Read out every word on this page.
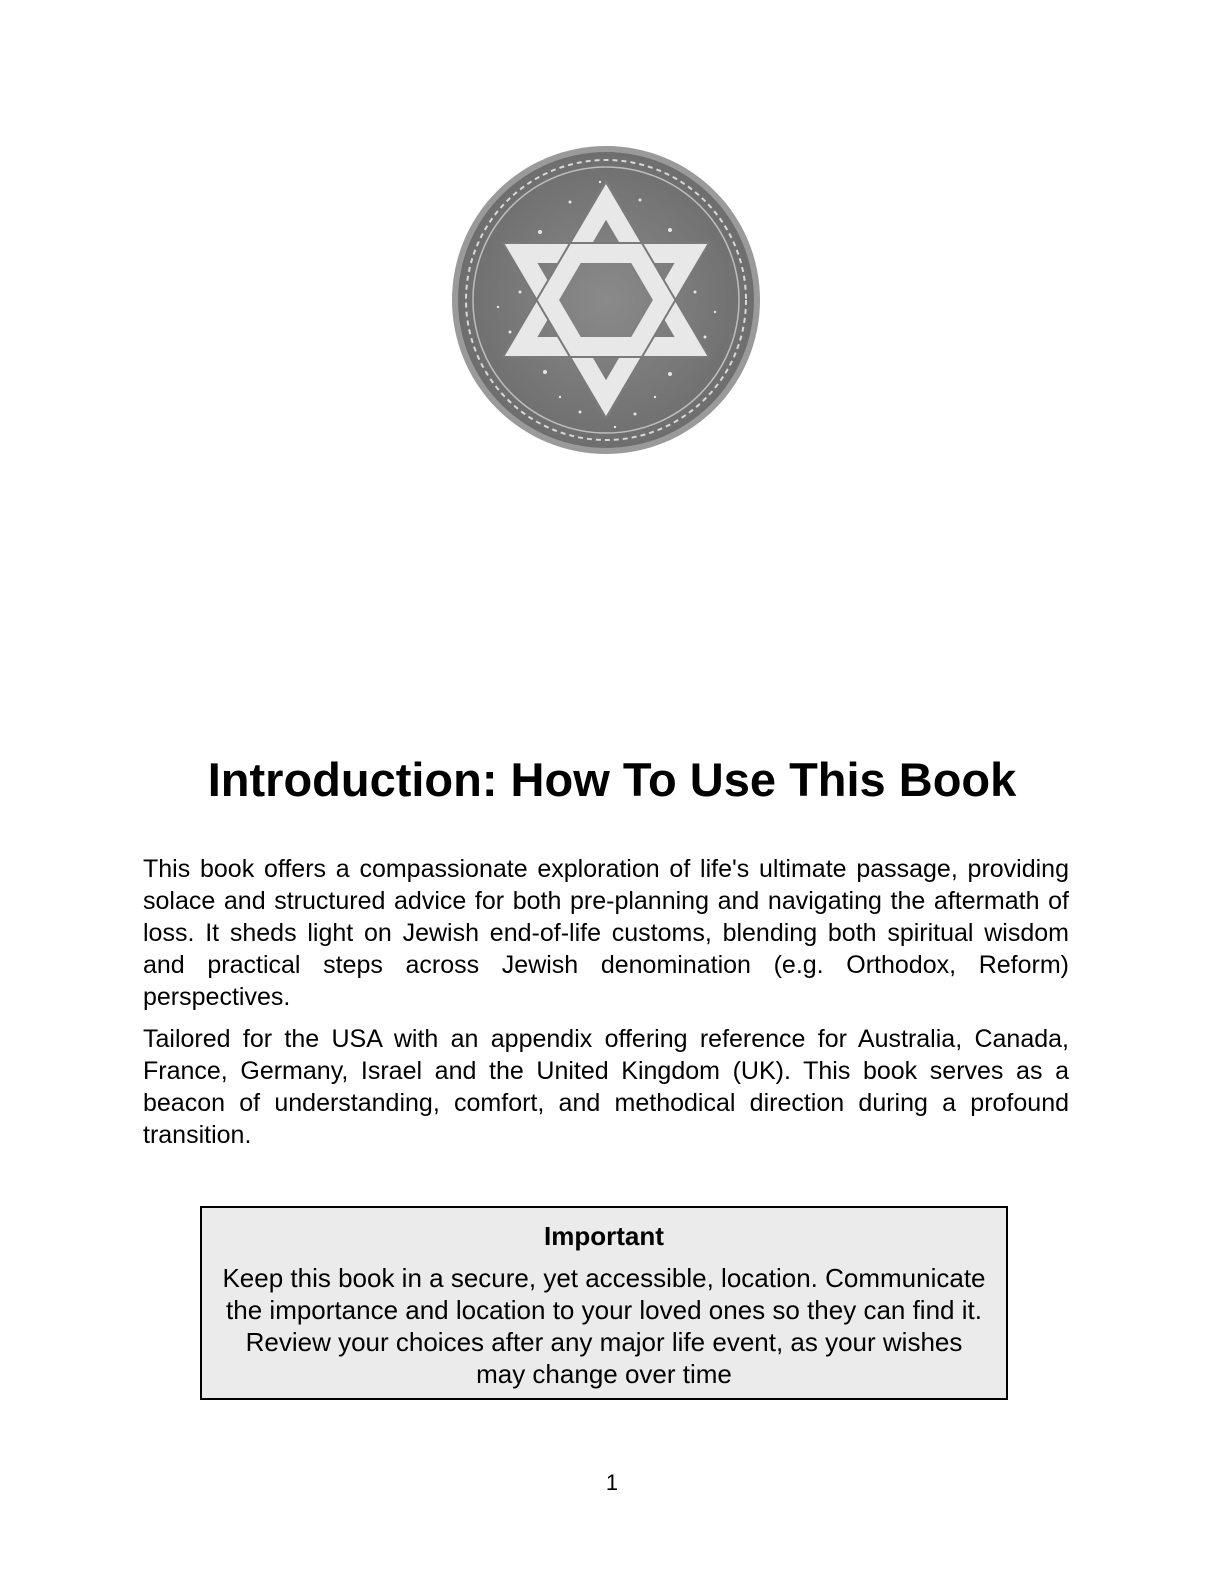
Introduction: How To Use This Book

This book offers a compassionate exploration of life's ultimate passage, providing solace and structured advice for both pre-planning and navigating the aftermath of loss. It sheds light on Jewish end-of-life customs, blending both spiritual wisdom and practical steps across Jewish denomination (e.g. Orthodox, Reform) perspectives.

Tailored for the USA with an appendix offering reference for Australia, Canada, France, Germany, Israel and the United Kingdom (UK). This book serves as a beacon of understanding, comfort, and methodical direction during a profound transition.

Important

Keep this book in a secure, yet accessible, location. Communicate the importance and location to your loved ones so they can find it. Review your choices after any major life event, as your wishes may change over time

1
